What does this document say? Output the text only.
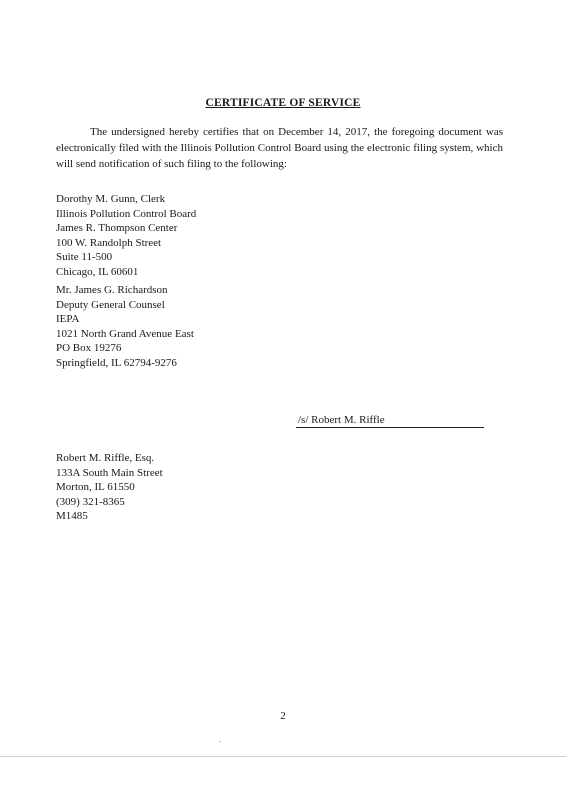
CERTIFICATE OF SERVICE
The undersigned hereby certifies that on December 14, 2017, the foregoing document was electronically filed with the Illinois Pollution Control Board using the electronic filing system, which will send notification of such filing to the following:
Dorothy M. Gunn, Clerk
Illinois Pollution Control Board
James R. Thompson Center
100 W. Randolph Street
Suite 11-500
Chicago, IL 60601
Mr. James G. Richardson
Deputy General Counsel
IEPA
1021 North Grand Avenue East
PO Box 19276
Springfield, IL 62794-9276
/s/ Robert M. Riffle
Robert M. Riffle, Esq.
133A South Main Street
Morton, IL 61550
(309) 321-8365
M1485
2
